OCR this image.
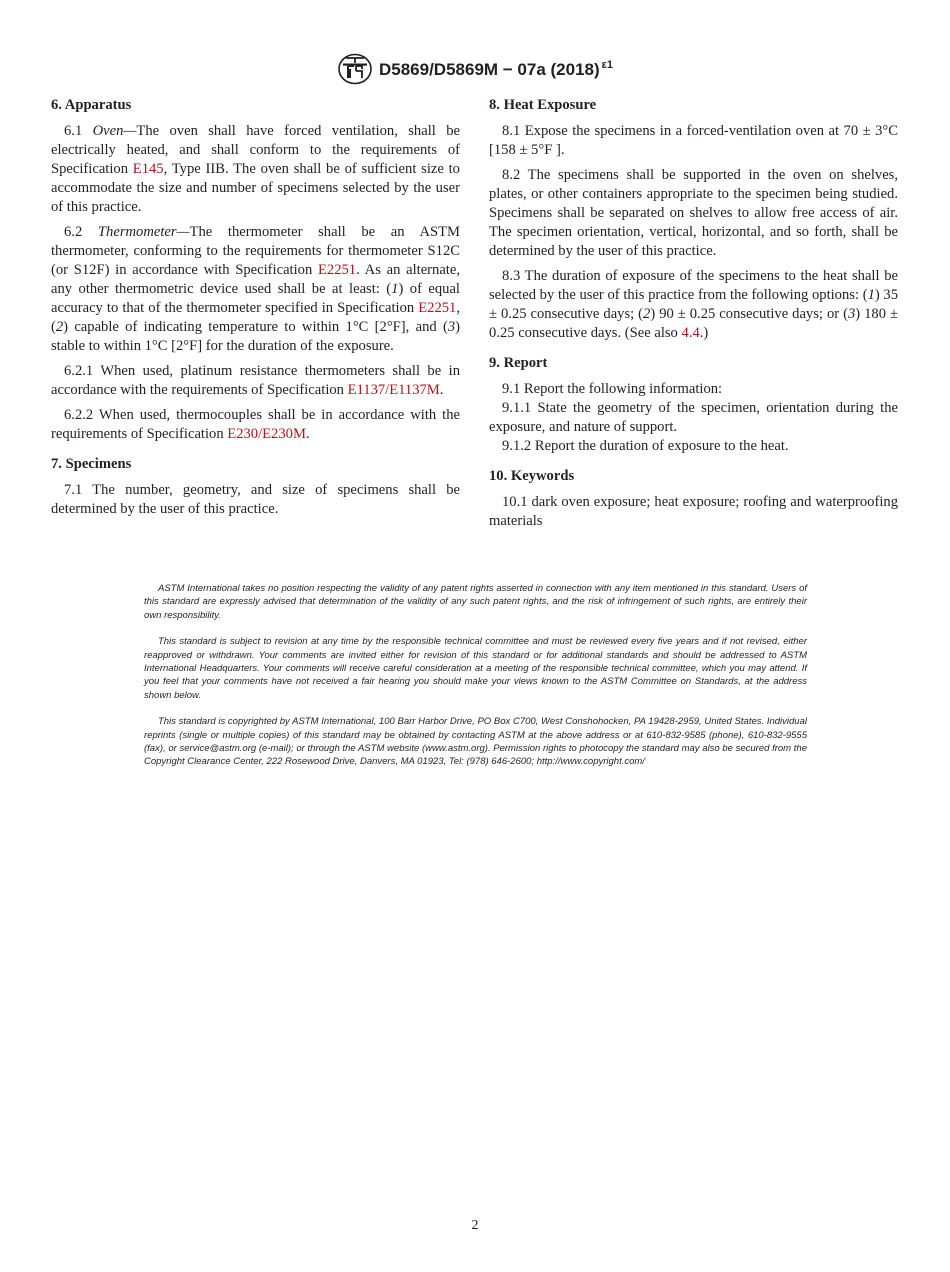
D5869/D5869M − 07a (2018) $^{\varepsilon 1}$
6. Apparatus

6.1 Oven—The oven shall have forced ventilation, shall be electrically heated, and shall conform to the requirements of Specification E145, Type IIB. The oven shall be of sufficient size to accommodate the size and number of specimens selected by the user of this practice.

6.2 Thermometer—The thermometer shall be an ASTM thermometer, conforming to the requirements for thermometer S12C (or S12F) in accordance with Specification E2251. As an alternate, any other thermometric device used shall be at least: (1) of equal accuracy to that of the thermometer specified in Specification E2251, (2) capable of indicating temperature to within 1°C [2°F], and (3) stable to within 1°C [2°F] for the duration of the exposure.

6.2.1 When used, platinum resistance thermometers shall be in accordance with the requirements of Specification E1137/E1137M.

6.2.2 When used, thermocouples shall be in accordance with the requirements of Specification E230/E230M.

7. Specimens

7.1 The number, geometry, and size of specimens shall be determined by the user of this practice.

8. Heat Exposure

8.1 Expose the specimens in a forced-ventilation oven at 70 ± 3°C [158 ± 5°F ].

8.2 The specimens shall be supported in the oven on shelves, plates, or other containers appropriate to the specimen being studied. Specimens shall be separated on shelves to allow free access of air. The specimen orientation, vertical, horizontal, and so forth, shall be determined by the user of this practice.

8.3 The duration of exposure of the specimens to the heat shall be selected by the user of this practice from the following options: (1) 35 ± 0.25 consecutive days; (2) 90 ± 0.25 consecutive days; or (3) 180 ± 0.25 consecutive days. (See also 4.4.)

9. Report

9.1 Report the following information:

9.1.1 State the geometry of the specimen, orientation during the exposure, and nature of support.

9.1.2 Report the duration of exposure to the heat.

10. Keywords

10.1 dark oven exposure; heat exposure; roofing and waterproofing materials

ASTM International takes no position respecting the validity of any patent rights asserted in connection with any item mentioned in this standard. Users of this standard are expressly advised that determination of the validity of any such patent rights, and the risk of infringement of such rights, are entirely their own responsibility.

This standard is subject to revision at any time by the responsible technical committee and must be reviewed every five years and if not revised, either reapproved or withdrawn. Your comments are invited either for revision of this standard or for additional standards and should be addressed to ASTM International Headquarters. Your comments will receive careful consideration at a meeting of the responsible technical committee, which you may attend. If you feel that your comments have not received a fair hearing you should make your views known to the ASTM Committee on Standards, at the address shown below.

This standard is copyrighted by ASTM International, 100 Barr Harbor Drive, PO Box C700, West Conshohocken, PA 19428-2959, United States. Individual reprints (single or multiple copies) of this standard may be obtained by contacting ASTM at the above address or at 610-832-9585 (phone), 610-832-9555 (fax), or service@astm.org (e-mail); or through the ASTM website (www.astm.org). Permission rights to photocopy the standard may also be secured from the Copyright Clearance Center, 222 Rosewood Drive, Danvers, MA 01923, Tel: (978) 646-2600; http://www.copyright.com/

2
